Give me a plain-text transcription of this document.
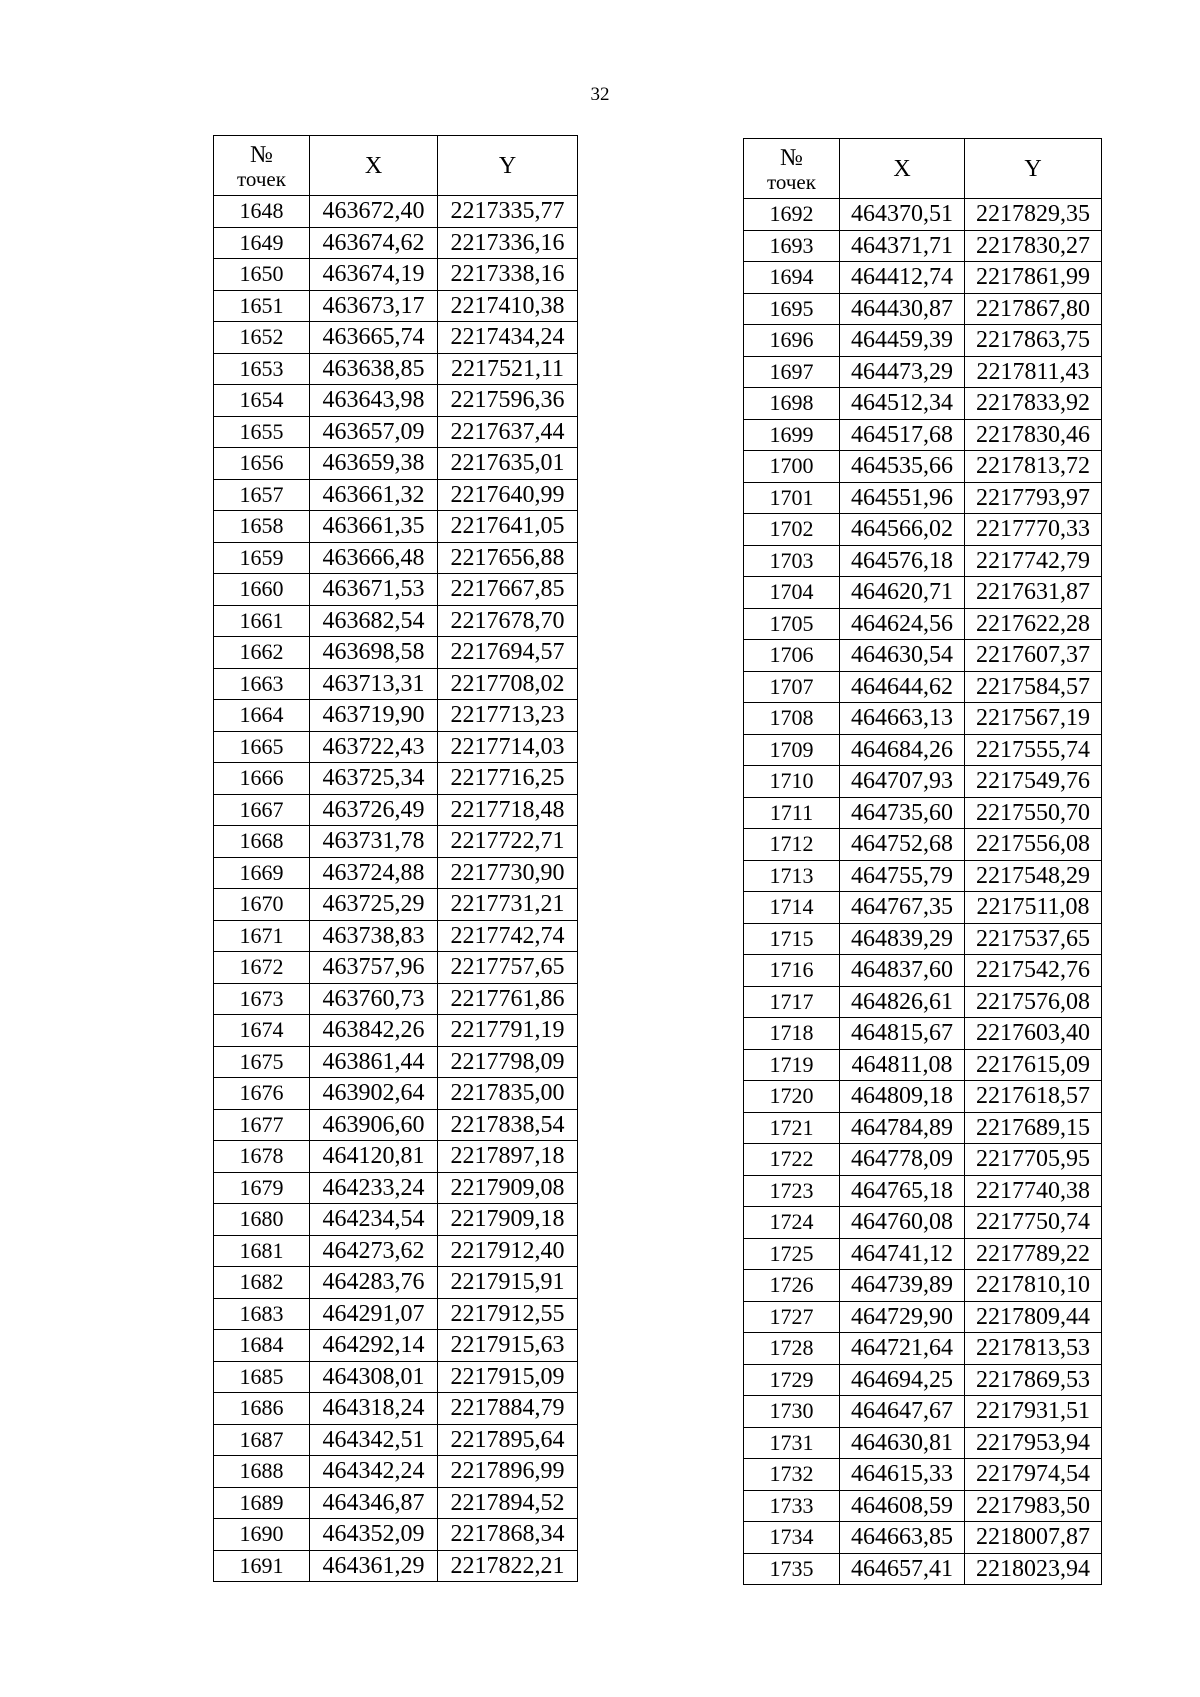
32
№
точек	X	Y
1648	463672,40	2217335,77
1649	463674,62	2217336,16
1650	463674,19	2217338,16
1651	463673,17	2217410,38
1652	463665,74	2217434,24
1653	463638,85	2217521,11
1654	463643,98	2217596,36
1655	463657,09	2217637,44
1656	463659,38	2217635,01
1657	463661,32	2217640,99
1658	463661,35	2217641,05
1659	463666,48	2217656,88
1660	463671,53	2217667,85
1661	463682,54	2217678,70
1662	463698,58	2217694,57
1663	463713,31	2217708,02
1664	463719,90	2217713,23
1665	463722,43	2217714,03
1666	463725,34	2217716,25
1667	463726,49	2217718,48
1668	463731,78	2217722,71
1669	463724,88	2217730,90
1670	463725,29	2217731,21
1671	463738,83	2217742,74
1672	463757,96	2217757,65
1673	463760,73	2217761,86
1674	463842,26	2217791,19
1675	463861,44	2217798,09
1676	463902,64	2217835,00
1677	463906,60	2217838,54
1678	464120,81	2217897,18
1679	464233,24	2217909,08
1680	464234,54	2217909,18
1681	464273,62	2217912,40
1682	464283,76	2217915,91
1683	464291,07	2217912,55
1684	464292,14	2217915,63
1685	464308,01	2217915,09
1686	464318,24	2217884,79
1687	464342,51	2217895,64
1688	464342,24	2217896,99
1689	464346,87	2217894,52
1690	464352,09	2217868,34
1691	464361,29	2217822,21
№
точек	X	Y
1692	464370,51	2217829,35
1693	464371,71	2217830,27
1694	464412,74	2217861,99
1695	464430,87	2217867,80
1696	464459,39	2217863,75
1697	464473,29	2217811,43
1698	464512,34	2217833,92
1699	464517,68	2217830,46
1700	464535,66	2217813,72
1701	464551,96	2217793,97
1702	464566,02	2217770,33
1703	464576,18	2217742,79
1704	464620,71	2217631,87
1705	464624,56	2217622,28
1706	464630,54	2217607,37
1707	464644,62	2217584,57
1708	464663,13	2217567,19
1709	464684,26	2217555,74
1710	464707,93	2217549,76
1711	464735,60	2217550,70
1712	464752,68	2217556,08
1713	464755,79	2217548,29
1714	464767,35	2217511,08
1715	464839,29	2217537,65
1716	464837,60	2217542,76
1717	464826,61	2217576,08
1718	464815,67	2217603,40
1719	464811,08	2217615,09
1720	464809,18	2217618,57
1721	464784,89	2217689,15
1722	464778,09	2217705,95
1723	464765,18	2217740,38
1724	464760,08	2217750,74
1725	464741,12	2217789,22
1726	464739,89	2217810,10
1727	464729,90	2217809,44
1728	464721,64	2217813,53
1729	464694,25	2217869,53
1730	464647,67	2217931,51
1731	464630,81	2217953,94
1732	464615,33	2217974,54
1733	464608,59	2217983,50
1734	464663,85	2218007,87
1735	464657,41	2218023,94
